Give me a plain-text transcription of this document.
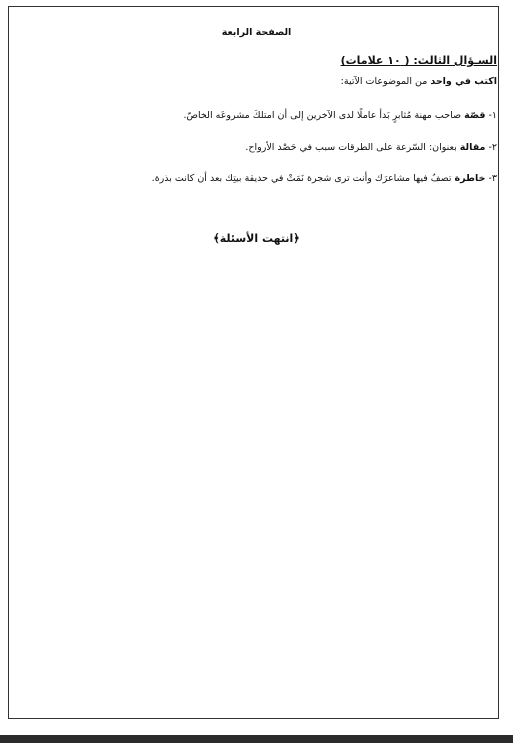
الصفحة الرابعة
السـؤال الثالث: ( ١٠ علامات)
اكتب في واحد من الموضوعات الآتية:
١- قصّة صاحب مهنة مُثابرٍ بَدأ عاملًا لدى الآخرين إلى أن امتلكَ مشروعَه الخاصّ.
٢- مقالة بعنوان: السّرعة على الطرقات سبب في حَصْد الأرواح.
٣- خاطرة تصفُ فيها مشاعرَك وأنت ترى شجرة نَمَتْ في حديقة بيتِك بعد أن كانت بذرة.
﴿انتهت الأسئلة﴾
